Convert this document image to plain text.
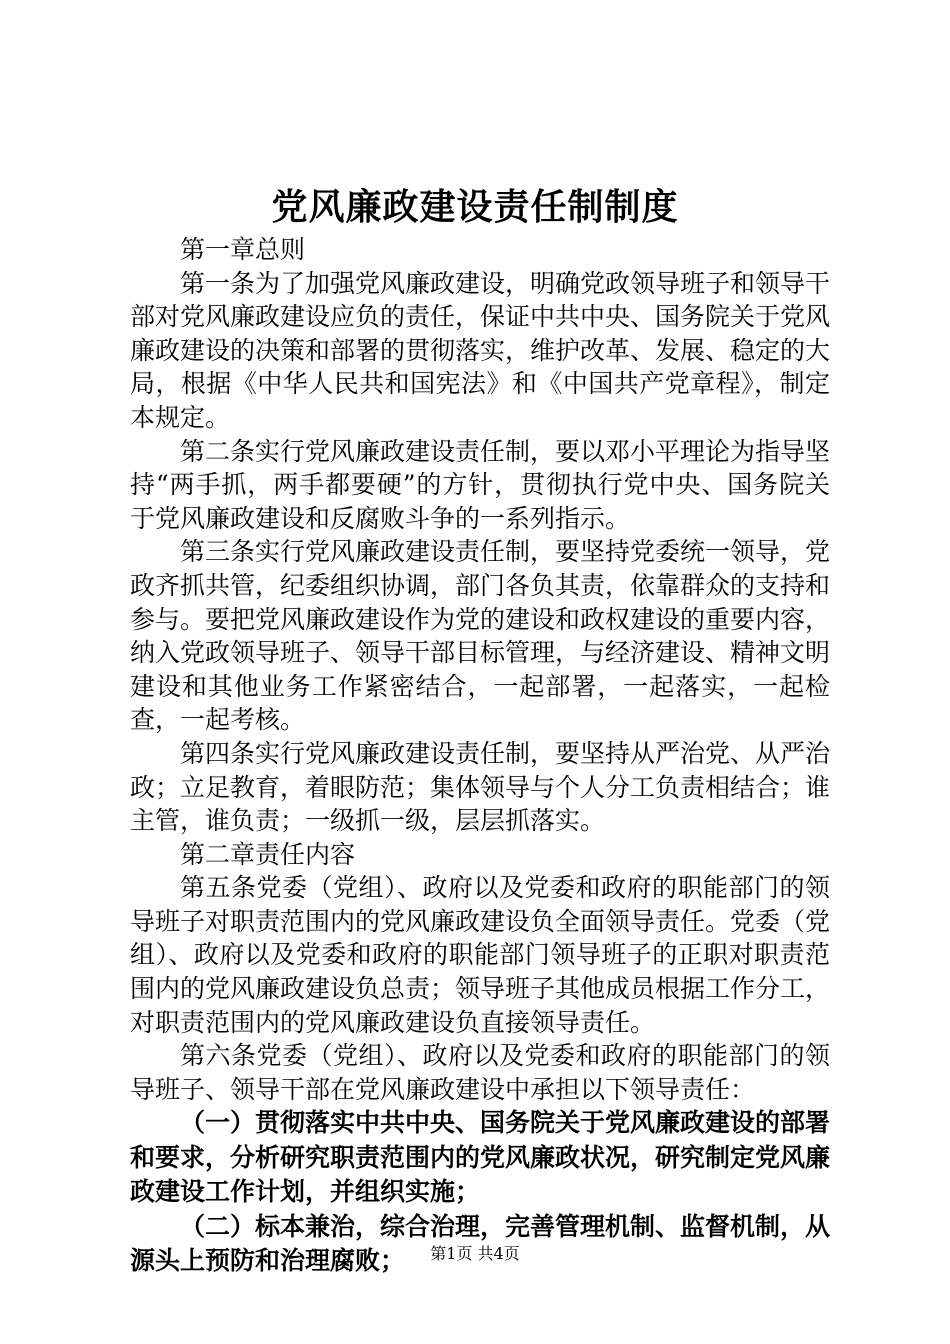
党风廉政建设责任制制度

第一章总则

第一条为了加强党风廉政建设，明确党政领导班子和领导干部对党风廉政建设应负的责任，保证中共中央、国务院关于党风廉政建设的决策和部署的贯彻落实，维护改革、发展、稳定的大局，根据《中华人民共和国宪法》和《中国共产党章程》，制定本规定。

第二条实行党风廉政建设责任制，要以邓小平理论为指导坚持“两手抓，两手都要硬”的方针，贯彻执行党中央、国务院关于党风廉政建设和反腐败斗争的一系列指示。

第三条实行党风廉政建设责任制，要坚持党委统一领导，党政齐抓共管，纪委组织协调，部门各负其责，依靠群众的支持和参与。要把党风廉政建设作为党的建设和政权建设的重要内容，纳入党政领导班子、领导干部目标管理，与经济建设、精神文明建设和其他业务工作紧密结合，一起部署，一起落实，一起检查，一起考核。

第四条实行党风廉政建设责任制，要坚持从严治党、从严治政；立足教育，着眼防范；集体领导与个人分工负责相结合；谁主管，谁负责；一级抓一级，层层抓落实。

第二章责任内容

第五条党委（党组）、政府以及党委和政府的职能部门的领导班子对职责范围内的党风廉政建设负全面领导责任。党委（党组）、政府以及党委和政府的职能部门领导班子的正职对职责范围内的党风廉政建设负总责；领导班子其他成员根据工作分工，对职责范围内的党风廉政建设负直接领导责任。

第六条党委（党组）、政府以及党委和政府的职能部门的领导班子、领导干部在党风廉政建设中承担以下领导责任：

（一）贯彻落实中共中央、国务院关于党风廉政建设的部署和要求，分析研究职责范围内的党风廉政状况，研究制定党风廉政建设工作计划，并组织实施；

（二）标本兼治，综合治理，完善管理机制、监督机制，从源头上预防和治理腐败；	第1页 共4页
